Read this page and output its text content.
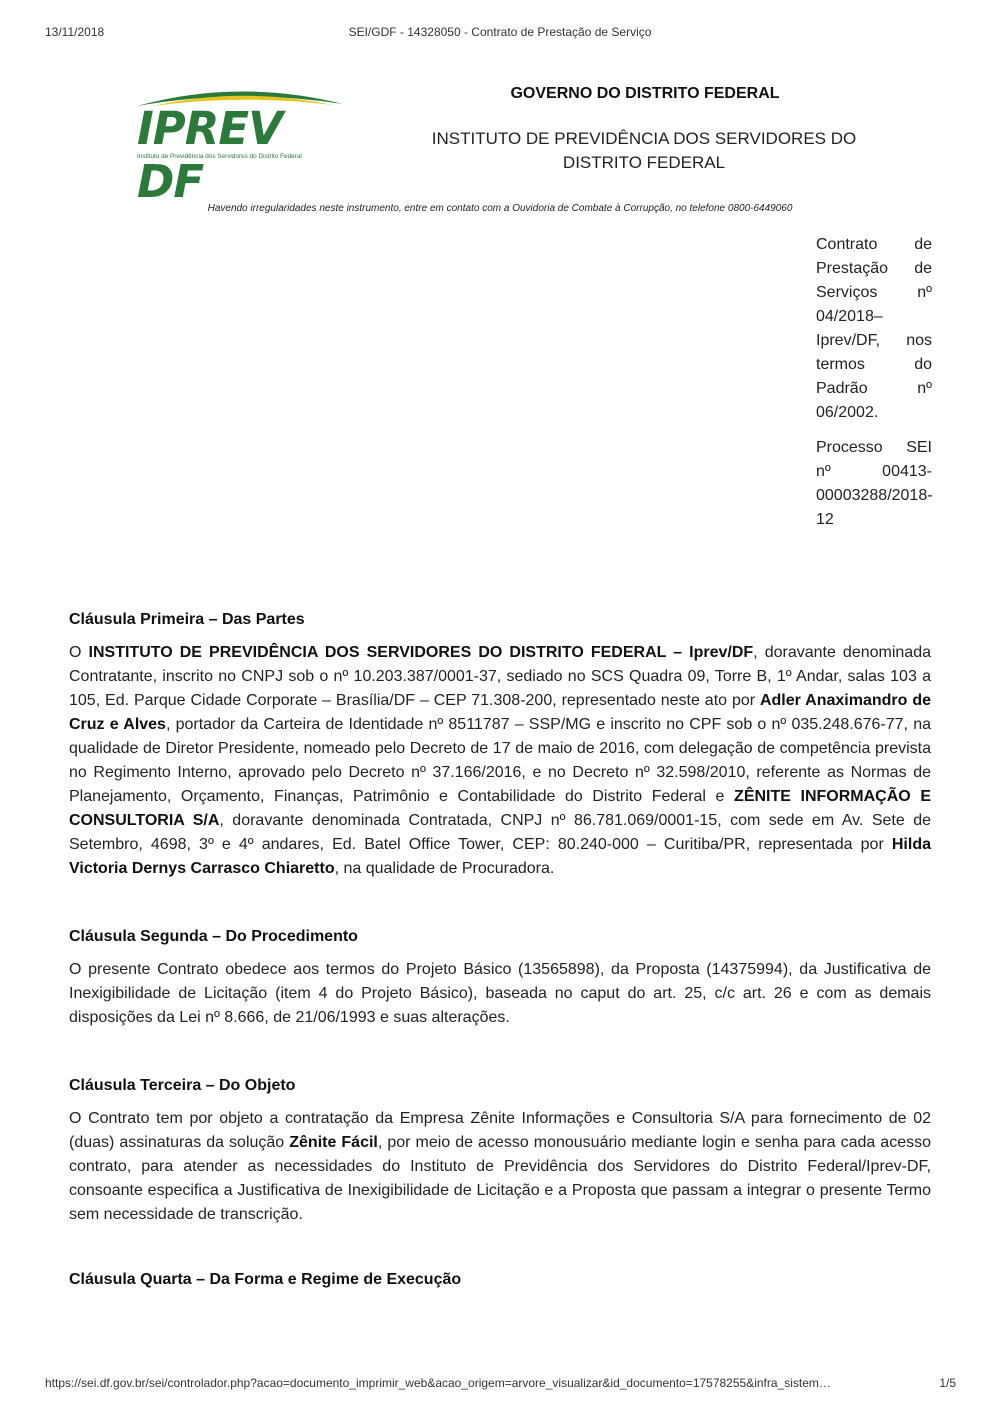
13/11/2018	SEI/GDF - 14328050 - Contrato de Prestação de Serviço
IPREV DF
Instituto de Previdência dos Servidores do Distrito Federal
GOVERNO DO DISTRITO FEDERAL
INSTITUTO DE PREVIDÊNCIA DOS SERVIDORES DO DISTRITO FEDERAL
Havendo irregularidades neste instrumento, entre em contato com a Ouvidoria de Combate à Corrupção, no telefone 0800-6449060

Contrato de Prestação de Serviços nº 04/2018–Iprev/DF, nos termos do Padrão nº 06/2002.

Processo SEI nº 00413-00003288/2018-12

Cláusula Primeira – Das Partes

O INSTITUTO DE PREVIDÊNCIA DOS SERVIDORES DO DISTRITO FEDERAL – Iprev/DF, doravante denominada Contratante, inscrito no CNPJ sob o nº 10.203.387/0001-37, sediado no SCS Quadra 09, Torre B, 1º Andar, salas 103 a 105, Ed. Parque Cidade Corporate – Brasília/DF – CEP 71.308-200, representado neste ato por Adler Anaximandro de Cruz e Alves, portador da Carteira de Identidade nº 8511787 – SSP/MG e inscrito no CPF sob o nº 035.248.676-77, na qualidade de Diretor Presidente, nomeado pelo Decreto de 17 de maio de 2016, com delegação de competência prevista no Regimento Interno, aprovado pelo Decreto nº 37.166/2016, e no Decreto nº 32.598/2010, referente as Normas de Planejamento, Orçamento, Finanças, Patrimônio e Contabilidade do Distrito Federal e ZÊNITE INFORMAÇÃO E CONSULTORIA S/A, doravante denominada Contratada, CNPJ nº 86.781.069/0001-15, com sede em Av. Sete de Setembro, 4698, 3º e 4º andares, Ed. Batel Office Tower, CEP: 80.240-000 – Curitiba/PR, representada por Hilda Victoria Dernys Carrasco Chiaretto, na qualidade de Procuradora.

Cláusula Segunda – Do Procedimento

O presente Contrato obedece aos termos do Projeto Básico (13565898), da Proposta (14375994), da Justificativa de Inexigibilidade de Licitação (item 4 do Projeto Básico), baseada no caput do art. 25, c/c art. 26 e com as demais disposições da Lei nº 8.666, de 21/06/1993 e suas alterações.

Cláusula Terceira – Do Objeto

O Contrato tem por objeto a contratação da Empresa Zênite Informações e Consultoria S/A para fornecimento de 02 (duas) assinaturas da solução Zênite Fácil, por meio de acesso monousuário mediante login e senha para cada acesso contrato, para atender as necessidades do Instituto de Previdência dos Servidores do Distrito Federal/Iprev-DF, consoante especifica a Justificativa de Inexigibilidade de Licitação e a Proposta que passam a integrar o presente Termo sem necessidade de transcrição.

Cláusula Quarta – Da Forma e Regime de Execução
https://sei.df.gov.br/sei/controlador.php?acao=documento_imprimir_web&acao_origem=arvore_visualizar&id_documento=17578255&infra_sistem…	1/5
